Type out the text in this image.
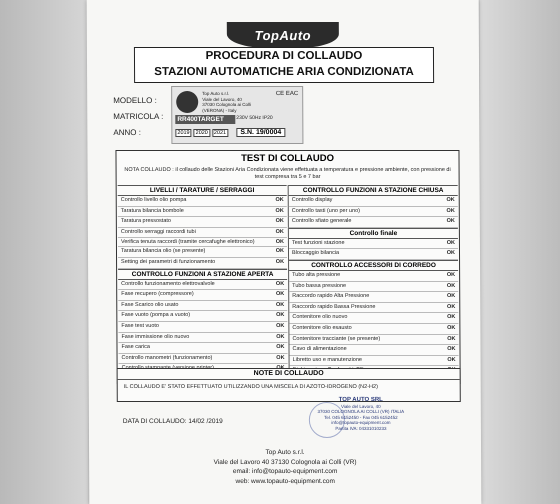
TopAuto
PROCEDURA DI COLLAUDO
STAZIONI AUTOMATICHE ARIA CONDIZIONATA
MODELLO :
MATRICOLA :
ANNO :
Top Auto s.r.l.
Viale del Lavoro, 40
37030 Colognola ai Colli
(VERONA) - Italy
CE EAC
RR400TARGET	230V 50Hz IP20
2019	2020	2021	S.N. 19/0004
TEST DI COLLAUDO
NOTA COLLAUDO : il collaudo delle Stazioni Aria Condizionata viene effettuata a temperatura e pressione ambiente, con pressione di test compresa tra 5 e 7 bar
LIVELLI / TARATURE / SERRAGGI
Controllo livello olio pompa	OK
Taratura bilancia bombole	OK
Taratura pressostato	OK
Controllo serraggi raccordi tubi	OK
Verifica tenuta raccordi (tramite cercafughe elettronico)	OK
Taratura bilancia olio (se presente)	OK
Setting dei parametri di funzionamento	OK
CONTROLLO FUNZIONI A STAZIONE APERTA
Controllo funzionamento elettrovalvole	OK
Fase recupero (compressore)	OK
Fase Scarico olio usato	OK
Fase vuoto (pompa a vuoto)	OK
Fase test vuoto	OK
Fase immissione olio nuovo	OK
Fase carica	OK
Controllo manometri (funzionamento)	OK
CONTROLLO FUNZIONI A STAZIONE CHIUSA
Controllo display	OK
Controllo tasti (uno per uno)	OK
Controllo sfiato generale	OK
Controllo finale
Test funzioni stazione	OK
Bloccaggio bilancia	OK
CONTROLLO ACCESSORI DI CORREDO
Tubo alta pressione	OK
Tubo bassa pressione	OK
Raccordo rapido Alta Pressione	OK
Raccordo rapido Bassa Pressione	OK
Contenitore olio nuovo	OK
Contenitore olio esausto	OK
Contenitore tracciante (se presente)	OK
Cavo di alimentazione	OK
Libretto uso e manutenzione	OK
NOTE DI COLLAUDO
IL COLLAUDO E' STATO EFFETTUATO UTILIZZANDO UNA MISCELA DI AZOTO-IDROGENO (N2-H2)
DATA DI COLLAUDO: 14/02 /2019
TOP AUTO SRL
Viale del Lavoro, 40
37030 COLOGNOLA AI COLLI (VR) ITALIA
Tel. 045 6152450 - Fax 045 6152452
info@topauto-equipment.com
Partita IVA: 04331010233
Top Auto s.r.l.
Viale del Lavoro 40 37130 Colognola ai Colli (VR)
email: info@topauto-equipment.com
web: www.topauto-equipment.com
